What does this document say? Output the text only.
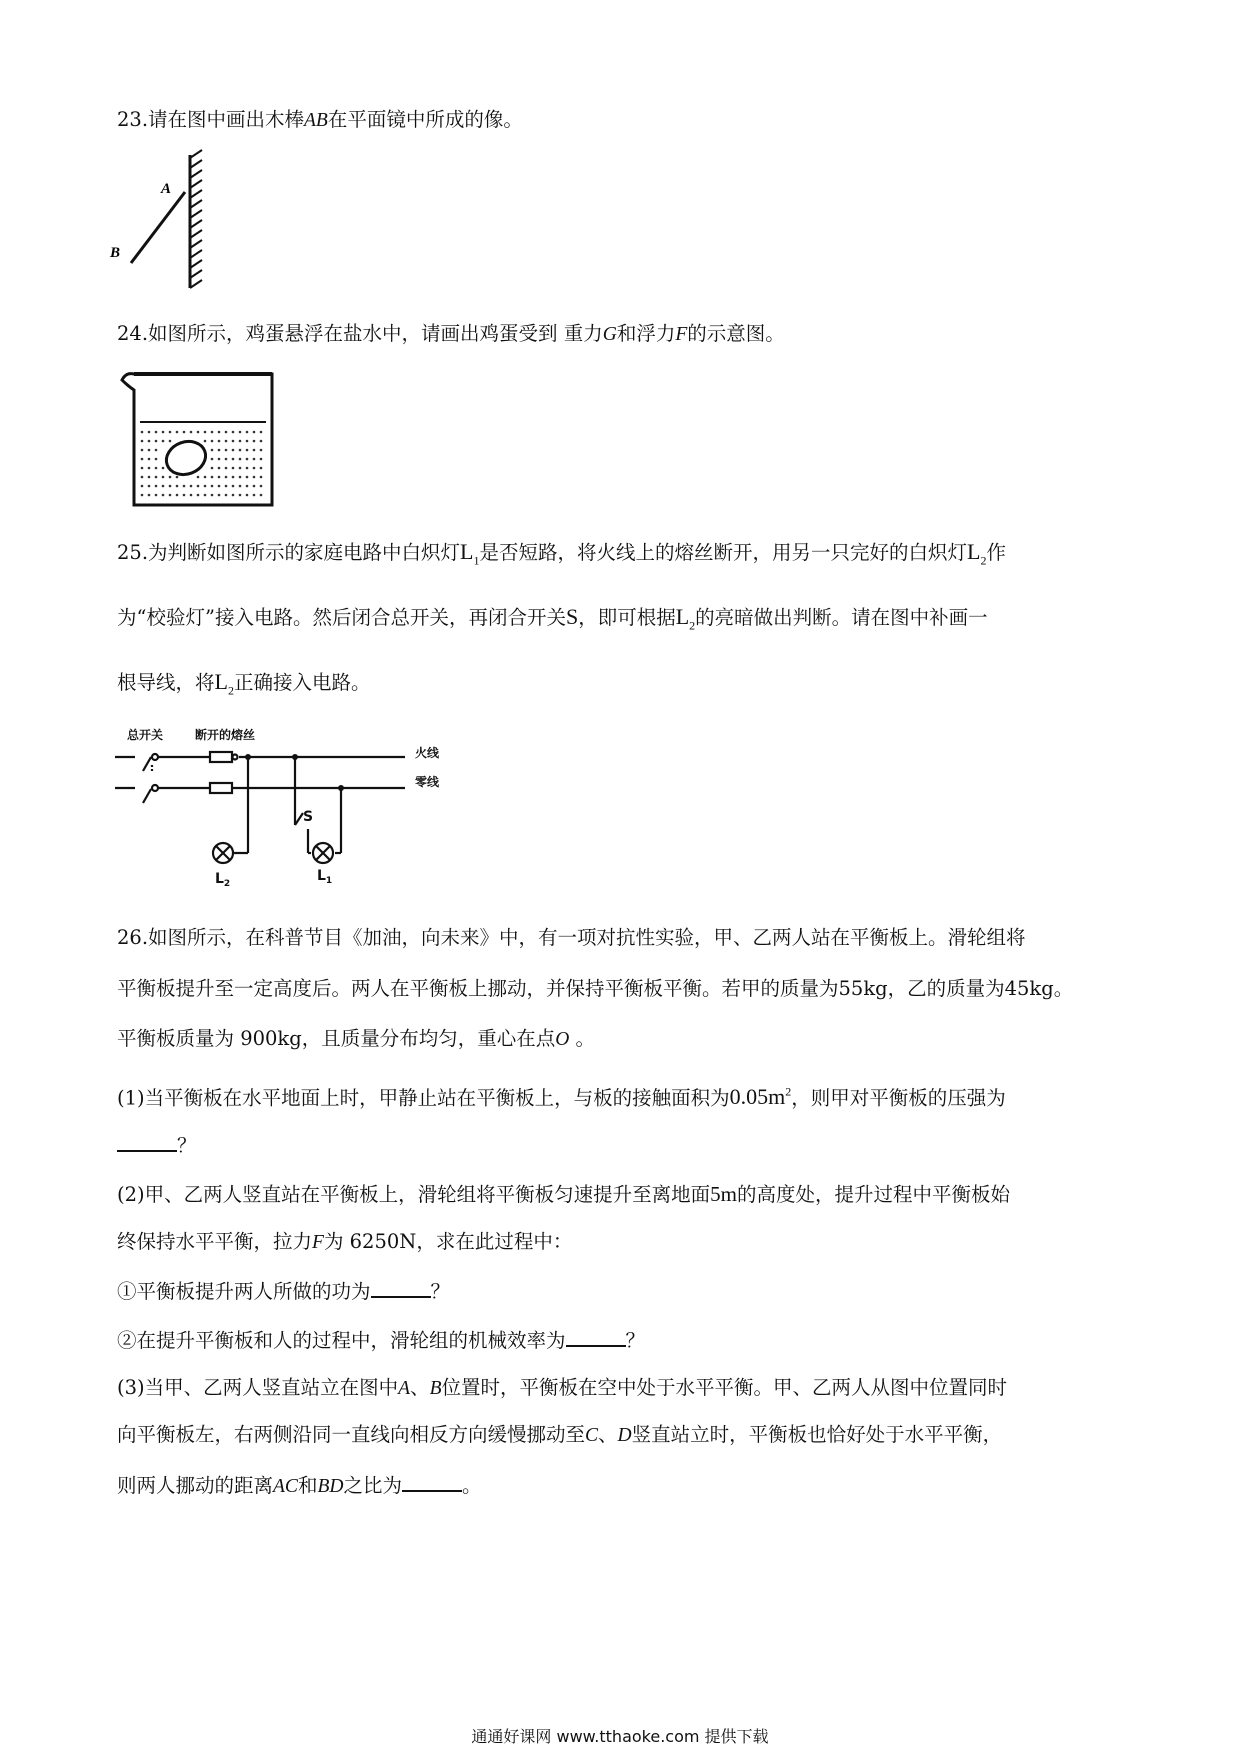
23.请在图中画出木棒AB在平面镜中所成的像。
A
B
24.如图所示，鸡蛋悬浮在盐水中，请画出鸡蛋受到 重力G和浮力F的示意图。
25.为判断如图所示的家庭电路中白炽灯$L_1$是否短路，将火线上的熔丝断开，用另一只完好的白炽灯$L_2$作
为“校验灯”接入电路。然后闭合总开关，再闭合开关S，即可根据$L_2$的亮暗做出判断。请在图中补画一
根导线，将$L_2$正确接入电路。
总开关	断开的熔丝
火线
零线
S
$L_2$	$L_1$
26.如图所示，在科普节目《加油，向未来》中，有一项对抗性实验，甲、乙两人站在平衡板上。滑轮组将
平衡板提升至一定高度后。两人在平衡板上挪动，并保持平衡板平衡。若甲的质量为55kg，乙的质量为45kg。
平衡板质量为 900kg，且质量分布均匀，重心在点O 。
(1)当平衡板在水平地面上时，甲静止站在平衡板上，与板的接触面积为$0.05m^2$，则甲对平衡板的压强为
？
(2)甲、乙两人竖直站在平衡板上，滑轮组将平衡板匀速提升至离地面5m的高度处，提升过程中平衡板始
终保持水平平衡，拉力F为 6250N，求在此过程中：
①平衡板提升两人所做的功为	？
②在提升平衡板和人的过程中，滑轮组的机械效率为	？
(3)当甲、乙两人竖直站立在图中A、B位置时，平衡板在空中处于水平平衡。甲、乙两人从图中位置同时
向平衡板左，右两侧沿同一直线向相反方向缓慢挪动至C、D竖直站立时，平衡板也恰好处于水平平衡，
则两人挪动的距离AC和BD之比为	。
通通好课网 www.tthaoke.com 提供下载
